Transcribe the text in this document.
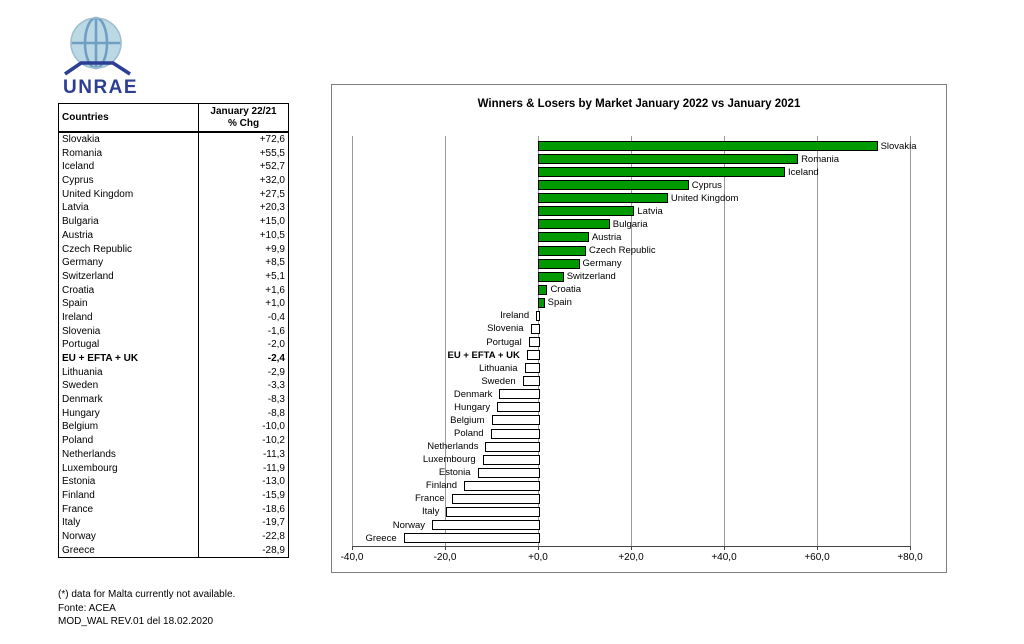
UNRAE
Countries	January 22/21
% Chg
Slovakia	+72,6
Romania	+55,5
Iceland	+52,7
Cyprus	+32,0
United Kingdom	+27,5
Latvia	+20,3
Bulgaria	+15,0
Austria	+10,5
Czech Republic	+9,9
Germany	+8,5
Switzerland	+5,1
Croatia	+1,6
Spain	+1,0
Ireland	-0,4
Slovenia	-1,6
Portugal	-2,0
EU + EFTA + UK	-2,4
Lithuania	-2,9
Sweden	-3,3
Denmark	-8,3
Hungary	-8,8
Belgium	-10,0
Poland	-10,2
Netherlands	-11,3
Luxembourg	-11,9
Estonia	-13,0
Finland	-15,9
France	-18,6
Italy	-19,7
Norway	-22,8
Greece	-28,9
Winners & Losers by Market January 2022 vs January 2021
-40,0	-20,0	+0,0	+20,0	+40,0	+60,0	+80,0
Slovakia
Romania
Iceland
Cyprus
United Kingdom
Latvia
Bulgaria
Austria
Czech Republic
Germany
Switzerland
Croatia
Spain
Ireland
Slovenia
Portugal
EU + EFTA + UK
Lithuania
Sweden
Denmark
Hungary
Belgium
Poland
Netherlands
Luxembourg
Estonia
Finland
France
Italy
Norway
Greece
(*) data for Malta currently not available.
Fonte: ACEA
MOD_WAL REV.01 del 18.02.2020
